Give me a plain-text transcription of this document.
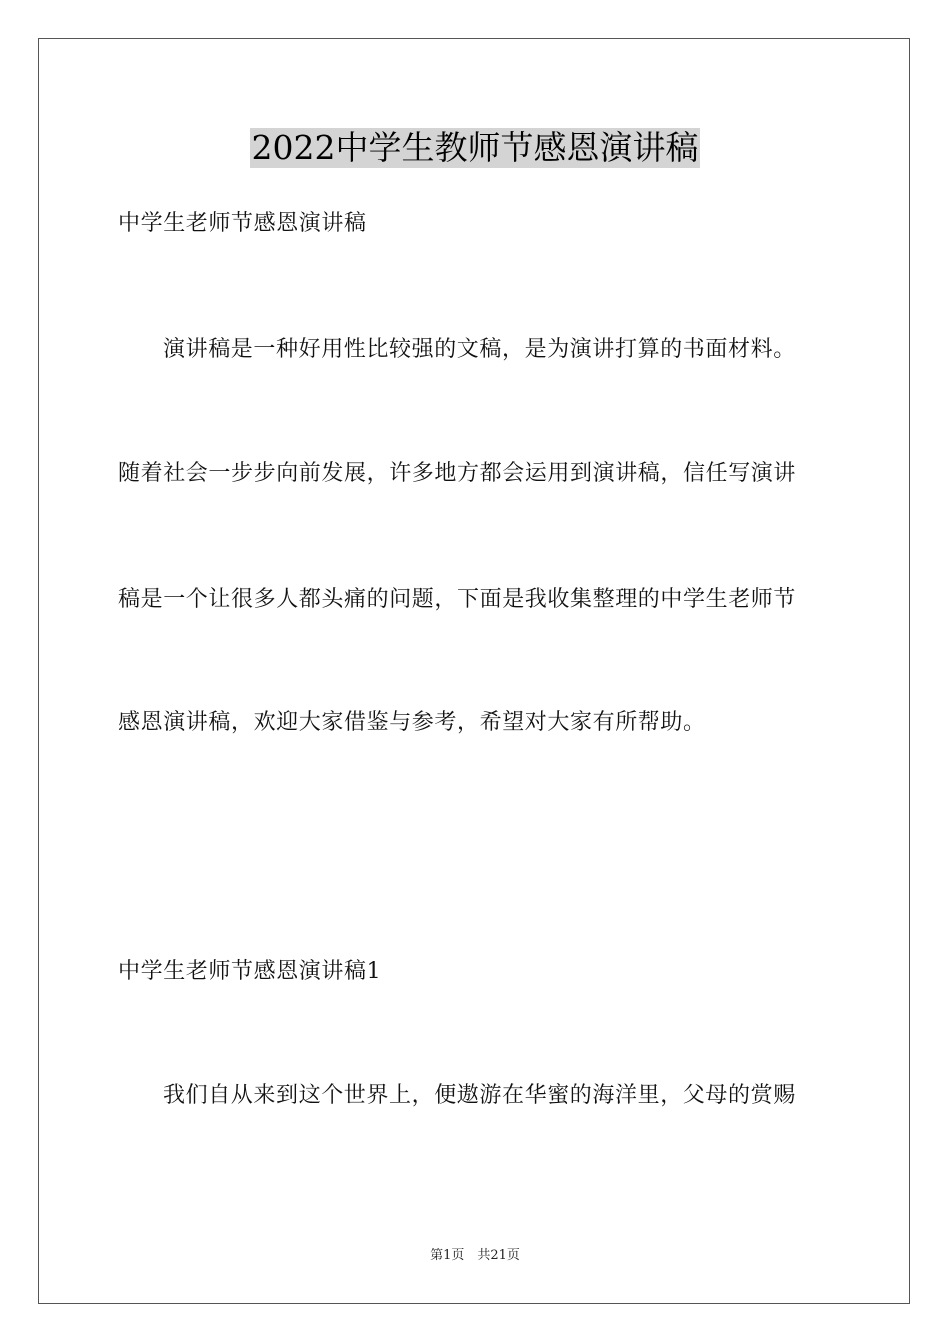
2022中学生教师节感恩演讲稿
中学生老师节感恩演讲稿
演讲稿是一种好用性比较强的文稿，是为演讲打算的书面材料。
随着社会一步步向前发展，许多地方都会运用到演讲稿，信任写演讲
稿是一个让很多人都头痛的问题，下面是我收集整理的中学生老师节
感恩演讲稿，欢迎大家借鉴与参考，希望对大家有所帮助。
中学生老师节感恩演讲稿1
我们自从来到这个世界上，便遨游在华蜜的海洋里，父母的赏赐
第1页　共21页
